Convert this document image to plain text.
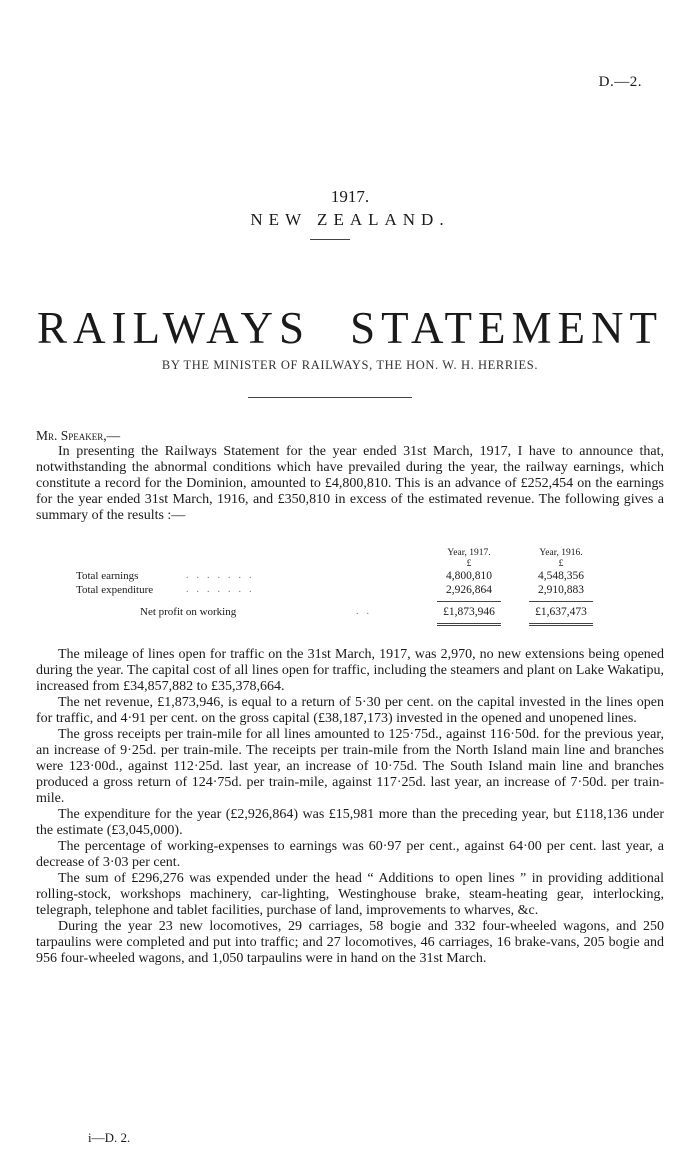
D.—2.
1917.
NEW ZEALAND.
RAILWAYS STATEMENT
BY THE MINISTER OF RAILWAYS, THE HON. W. H. HERRIES.
Mr. Speaker,—

In presenting the Railways Statement for the year ended 31st March, 1917, I have to announce that, notwithstanding the abnormal conditions which have prevailed during the year, the railway earnings, which constitute a record for the Dominion, amounted to £4,800,810. This is an advance of £252,454 on the earnings for the year ended 31st March, 1916, and £350,810 in excess of the estimated revenue. The following gives a summary of the results :—

Year, 1917.	Year, 1916.
£	£
Total earnings	.......	4,800,810	4,548,356
Total expenditure	.......	2,926,864	2,910,883
Net profit on working	..	£1,873,946	£1,637,473

The mileage of lines open for traffic on the 31st March, 1917, was 2,970, no new extensions being opened during the year. The capital cost of all lines open for traffic, including the steamers and plant on Lake Wakatipu, increased from £34,857,882 to £35,378,664.

The net revenue, £1,873,946, is equal to a return of 5·30 per cent. on the capital invested in the lines open for traffic, and 4·91 per cent. on the gross capital (£38,187,173) invested in the opened and unopened lines.

The gross receipts per train-mile for all lines amounted to 125·75d., against 116·50d. for the previous year, an increase of 9·25d. per train-mile. The receipts per train-mile from the North Island main line and branches were 123·00d., against 112·25d. last year, an increase of 10·75d. The South Island main line and branches produced a gross return of 124·75d. per train-mile, against 117·25d. last year, an increase of 7·50d. per train-mile.

The expenditure for the year (£2,926,864) was £15,981 more than the preceding year, but £118,136 under the estimate (£3,045,000).

The percentage of working-expenses to earnings was 60·97 per cent., against 64·00 per cent. last year, a decrease of 3·03 per cent.

The sum of £296,276 was expended under the head “ Additions to open lines ” in providing additional rolling-stock, workshops machinery, car-lighting, Westinghouse brake, steam-heating gear, interlocking, telegraph, telephone and tablet facilities, purchase of land, improvements to wharves, &c.

During the year 23 new locomotives, 29 carriages, 58 bogie and 332 four-wheeled wagons, and 250 tarpaulins were completed and put into traffic; and 27 locomotives, 46 carriages, 16 brake-vans, 205 bogie and 956 four-wheeled wagons, and 1,050 tarpaulins were in hand on the 31st March.

i—D. 2.
